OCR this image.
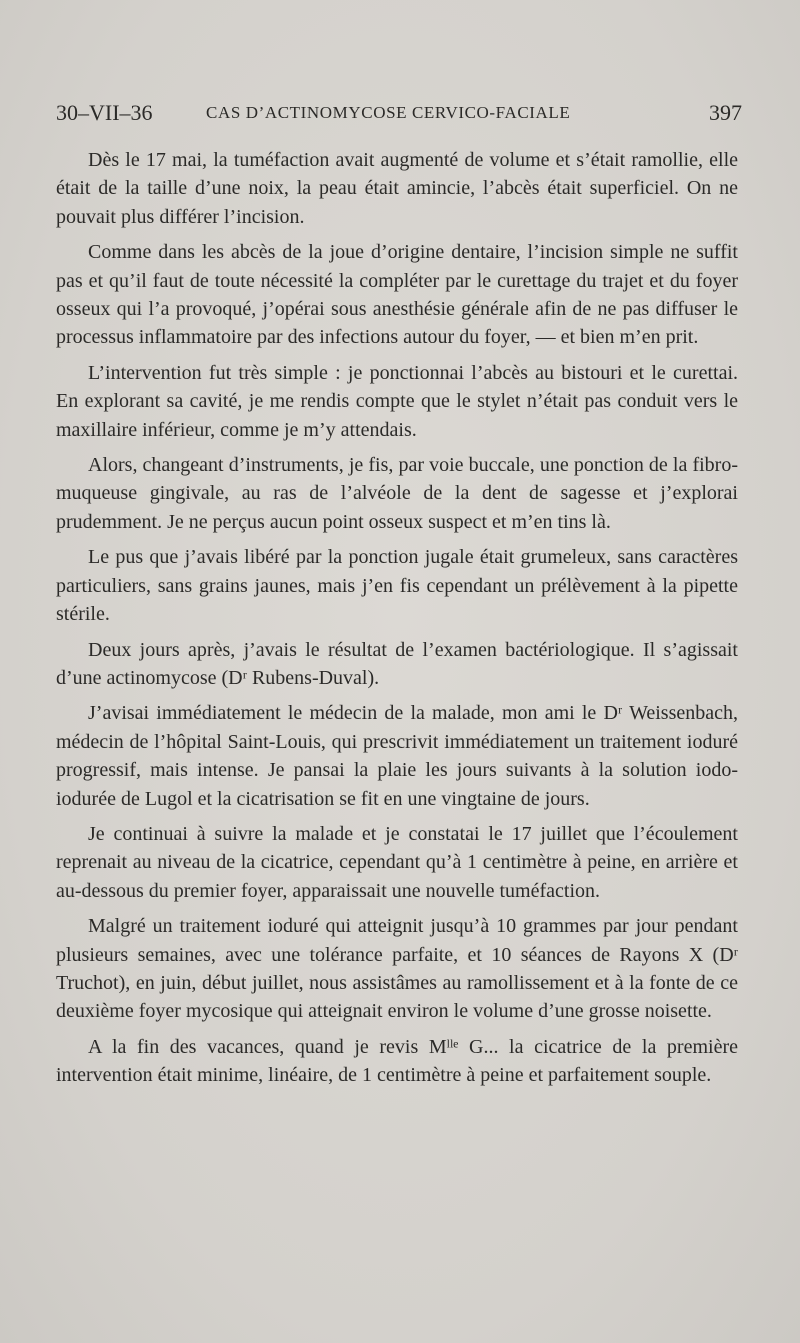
30–VII–36	CAS D’ACTINOMYCOSE CERVICO-FACIALE	397

Dès le 17 mai, la tuméfaction avait augmenté de volume et s’était ramollie, elle était de la taille d’une noix, la peau était amincie, l’abcès était superficiel. On ne pouvait plus différer l’incision.

Comme dans les abcès de la joue d’origine dentaire, l’incision simple ne suffit pas et qu’il faut de toute nécessité la compléter par le curettage du trajet et du foyer osseux qui l’a provoqué, j’opérai sous anesthésie générale afin de ne pas diffuser le processus inflammatoire par des infections autour du foyer, — et bien m’en prit.

L’intervention fut très simple : je ponctionnai l’abcès au bistouri et le curettai. En explorant sa cavité, je me rendis compte que le stylet n’était pas conduit vers le maxillaire inférieur, comme je m’y attendais.

Alors, changeant d’instruments, je fis, par voie buccale, une ponction de la fibro-muqueuse gingivale, au ras de l’alvéole de la dent de sagesse et j’explorai prudemment. Je ne perçus aucun point osseux suspect et m’en tins là.

Le pus que j’avais libéré par la ponction jugale était grumeleux, sans caractères particuliers, sans grains jaunes, mais j’en fis cependant un prélèvement à la pipette stérile.

Deux jours après, j’avais le résultat de l’examen bactériologique. Il s’agissait d’une actinomycose (Dʳ Rubens-Duval).

J’avisai immédiatement le médecin de la malade, mon ami le Dʳ Weissenbach, médecin de l’hôpital Saint-Louis, qui prescrivit immédiatement un traitement ioduré progressif, mais intense. Je pansai la plaie les jours suivants à la solution iodo-iodurée de Lugol et la cicatrisation se fit en une vingtaine de jours.

Je continuai à suivre la malade et je constatai le 17 juillet que l’écoulement reprenait au niveau de la cicatrice, cependant qu’à 1 centimètre à peine, en arrière et au-dessous du premier foyer, apparaissait une nouvelle tuméfaction.

Malgré un traitement ioduré qui atteignit jusqu’à 10 grammes par jour pendant plusieurs semaines, avec une tolérance parfaite, et 10 séances de Rayons X (Dʳ Truchot), en juin, début juillet, nous assistâmes au ramollissement et à la fonte de ce deuxième foyer mycosique qui atteignait environ le volume d’une grosse noisette.

A la fin des vacances, quand je revis Mˡˡᵉ G... la cicatrice de la première intervention était minime, linéaire, de 1 centimètre à peine et parfaitement souple.
